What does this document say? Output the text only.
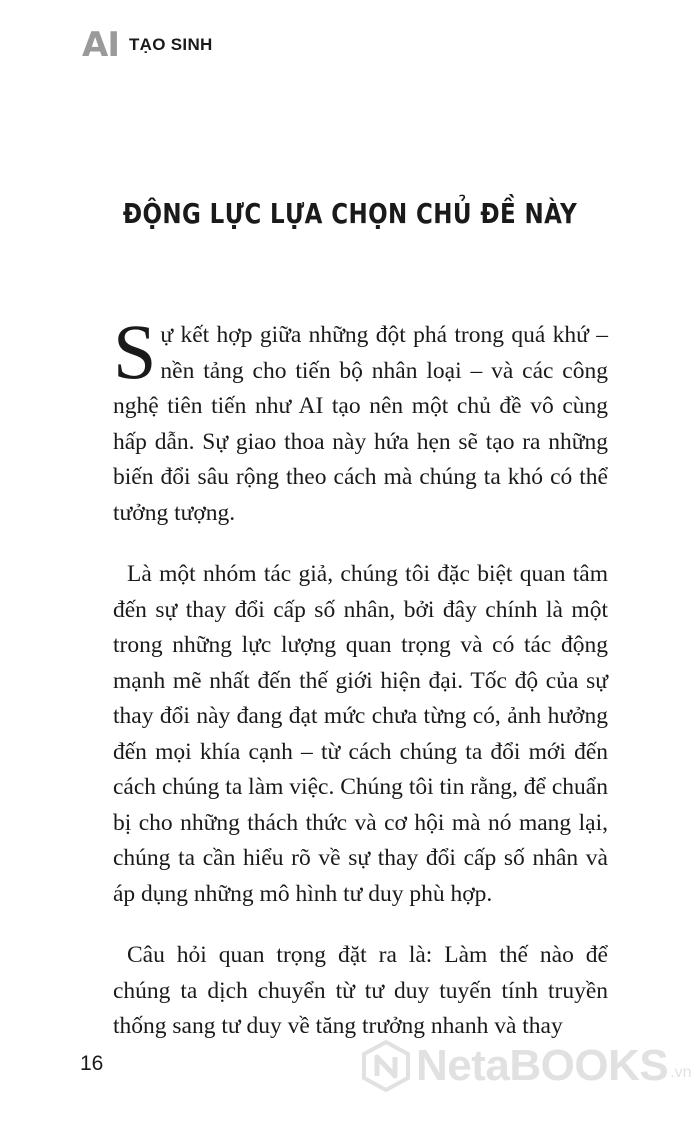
AI TẠO SINH
ĐỘNG LỰC LỰA CHỌN CHỦ ĐỀ NÀY

Sự kết hợp giữa những đột phá trong quá khứ – nền tảng cho tiến bộ nhân loại – và các công nghệ tiên tiến như AI tạo nên một chủ đề vô cùng hấp dẫn. Sự giao thoa này hứa hẹn sẽ tạo ra những biến đổi sâu rộng theo cách mà chúng ta khó có thể tưởng tượng.

Là một nhóm tác giả, chúng tôi đặc biệt quan tâm đến sự thay đổi cấp số nhân, bởi đây chính là một trong những lực lượng quan trọng và có tác động mạnh mẽ nhất đến thế giới hiện đại. Tốc độ của sự thay đổi này đang đạt mức chưa từng có, ảnh hưởng đến mọi khía cạnh – từ cách chúng ta đổi mới đến cách chúng ta làm việc. Chúng tôi tin rằng, để chuẩn bị cho những thách thức và cơ hội mà nó mang lại, chúng ta cần hiểu rõ về sự thay đổi cấp số nhân và áp dụng những mô hình tư duy phù hợp.

Câu hỏi quan trọng đặt ra là: Làm thế nào để chúng ta dịch chuyển từ tư duy tuyến tính truyền thống sang tư duy về tăng trưởng nhanh và thay

16	NetaBOOKS .vn
